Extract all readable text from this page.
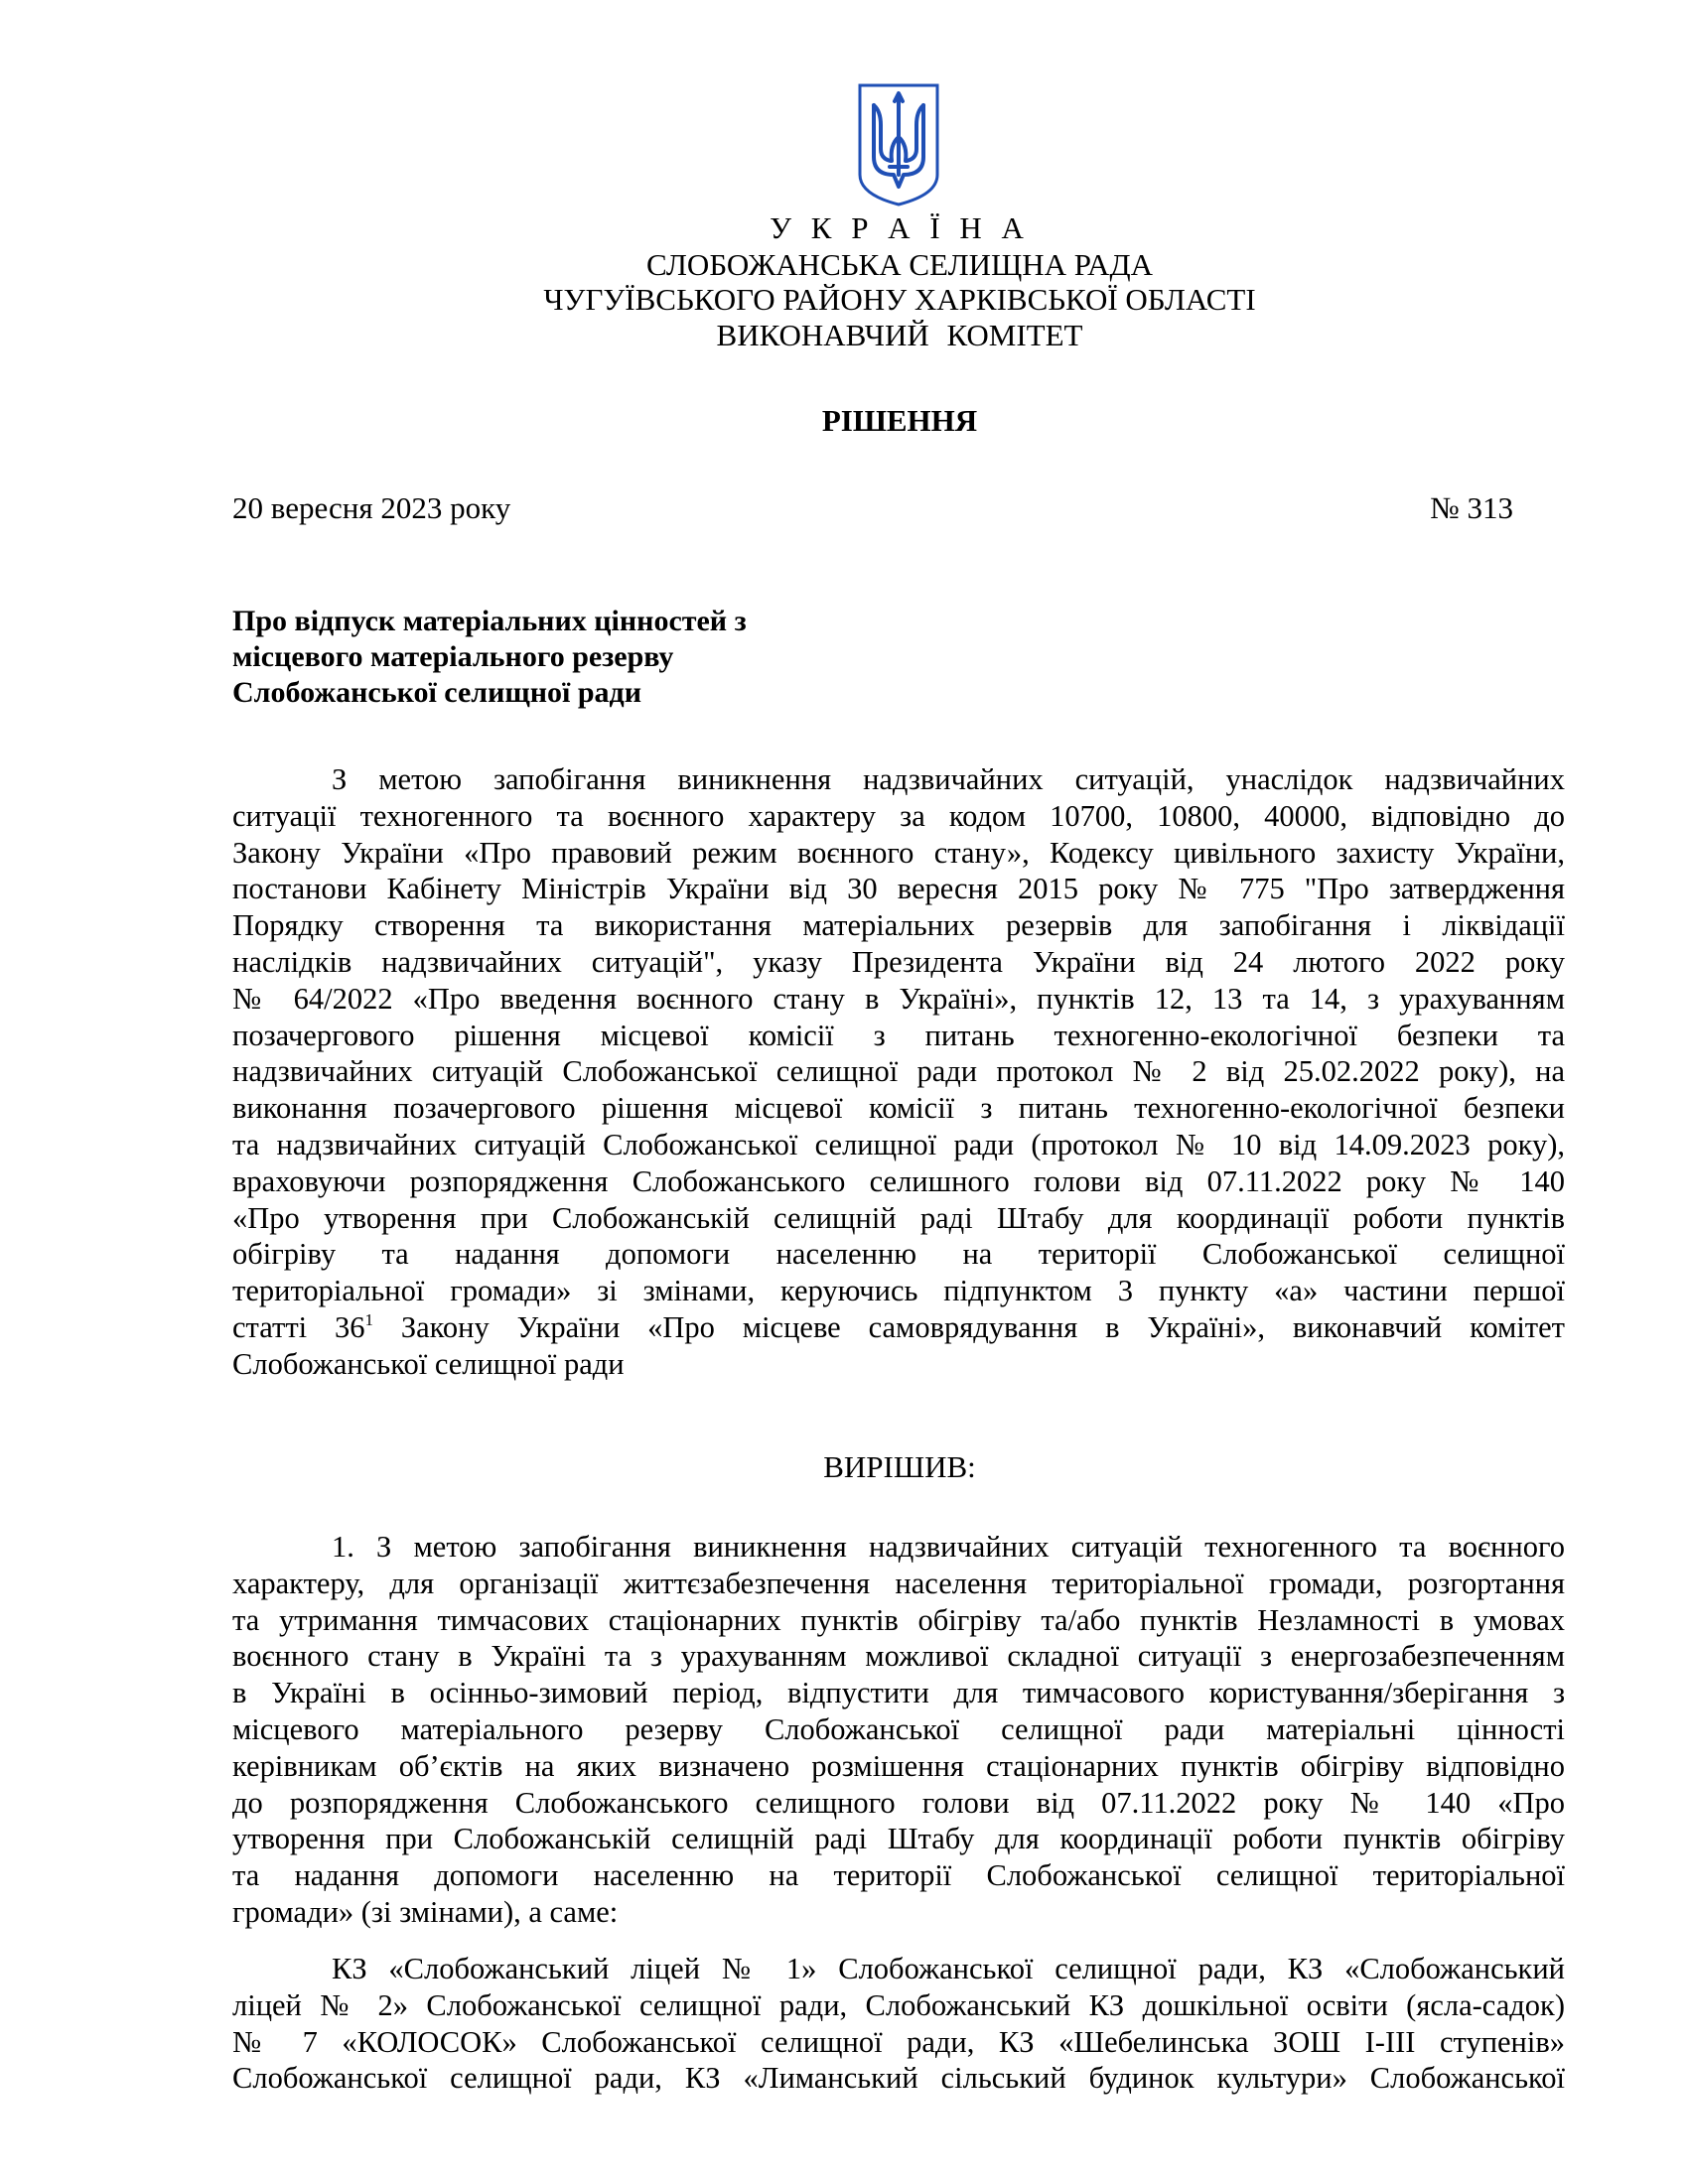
У К Р А Ї Н А
СЛОБОЖАНСЬКА СЕЛИЩНА РАДА
ЧУГУЇВСЬКОГО РАЙОНУ ХАРКІВСЬКОЇ ОБЛАСТІ
ВИКОНАВЧИЙ КОМІТЕТ
РІШЕННЯ
20 вересня 2023 року	№ 313
Про відпуск матеріальних цінностей з
місцевого матеріального резерву
Слобожанської селищної ради
З метою запобігання виникнення надзвичайних ситуацій, унаслідок надзвичайних
ситуації техногенного та воєнного характеру за кодом 10700, 10800, 40000, відповідно до
Закону України «Про правовий режим воєнного стану», Кодексу цивільного захисту України,
постанови Кабінету Міністрів України від 30 вересня 2015 року № 775 "Про затвердження
Порядку створення та використання матеріальних резервів для запобігання і ліквідації
наслідків надзвичайних ситуацій", указу Президента України від 24 лютого 2022 року
№ 64/2022 «Про введення воєнного стану в Україні», пунктів 12, 13 та 14, з урахуванням
позачергового рішення місцевої комісії з питань техногенно-екологічної безпеки та
надзвичайних ситуацій Слобожанської селищної ради протокол № 2 від 25.02.2022 року), на
виконання позачергового рішення місцевої комісії з питань техногенно-екологічної безпеки
та надзвичайних ситуацій Слобожанської селищної ради (протокол № 10 від 14.09.2023 року),
враховуючи розпорядження Слобожанського селишного голови від 07.11.2022 року № 140
«Про утворення при Слобожанській селищній раді Штабу для координації роботи пунктів
обігріву та надання допомоги населенню на території Слобожанської селищної
територіальної громади» зі змінами, керуючись підпунктом 3 пункту «а» частини першої
статті $36^1$ Закону України «Про місцеве самоврядування в Україні», виконавчий комітет
Слобожанської селищної ради
ВИРІШИВ:
1. З метою запобігання виникнення надзвичайних ситуацій техногенного та воєнного
характеру, для організації життєзабезпечення населення територіальної громади, розгортання
та утримання тимчасових стаціонарних пунктів обігріву та/або пунктів Незламності в умовах
воєнного стану в Україні та з урахуванням можливої складної ситуації з енергозабезпеченням
в Україні в осінньо-зимовий період, відпустити для тимчасового користування/зберігання з
місцевого матеріального резерву Слобожанської селищної ради матеріальні цінності
керівникам об’єктів на яких визначено розмішення стаціонарних пунктів обігріву відповідно
до розпорядження Слобожанського селищного голови від 07.11.2022 року № 140 «Про
утворення при Слобожанській селищній раді Штабу для координації роботи пунктів обігріву
та надання допомоги населенню на території Слобожанської селищної територіальної
громади» (зі змінами), а саме:
КЗ «Слобожанський ліцей № 1» Слобожанської селищної ради, КЗ «Слобожанський
ліцей № 2» Слобожанської селищної ради, Слобожанський КЗ дошкільної освіти (ясла-садок)
№ 7 «КОЛОСОК» Слобожанської селищної ради, КЗ «Шебелинська ЗОШ І-ІІІ ступенів»
Слобожанської селищної ради, КЗ «Лиманський сільський будинок культури» Слобожанської
